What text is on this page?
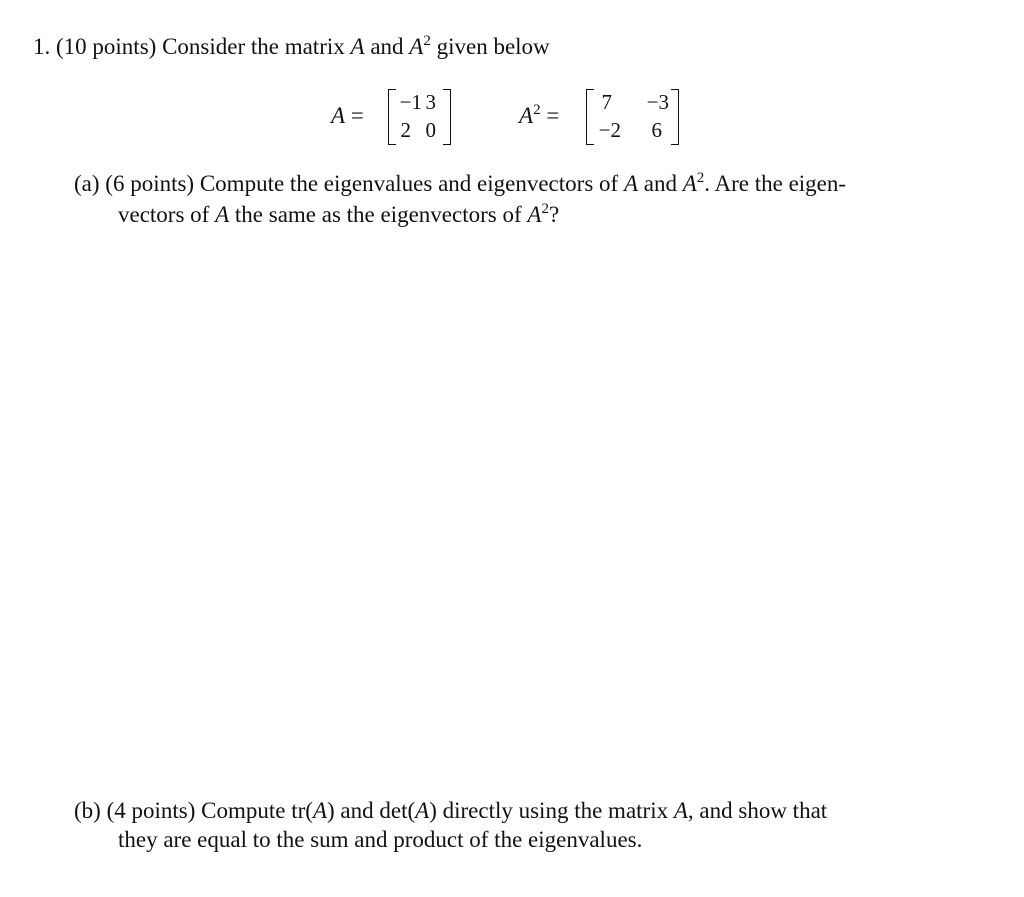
1. (10 points) Consider the matrix A and $A^2$ given below
A =
−1 3
2 0
$A^2$ =
7	−3
−2	6
(a) (6 points) Compute the eigenvalues and eigenvectors of A and $A^2$. Are the eigen-
vectors of A the same as the eigenvectors of $A^2$?
(b) (4 points) Compute tr(A) and det(A) directly using the matrix A, and show that
they are equal to the sum and product of the eigenvalues.
